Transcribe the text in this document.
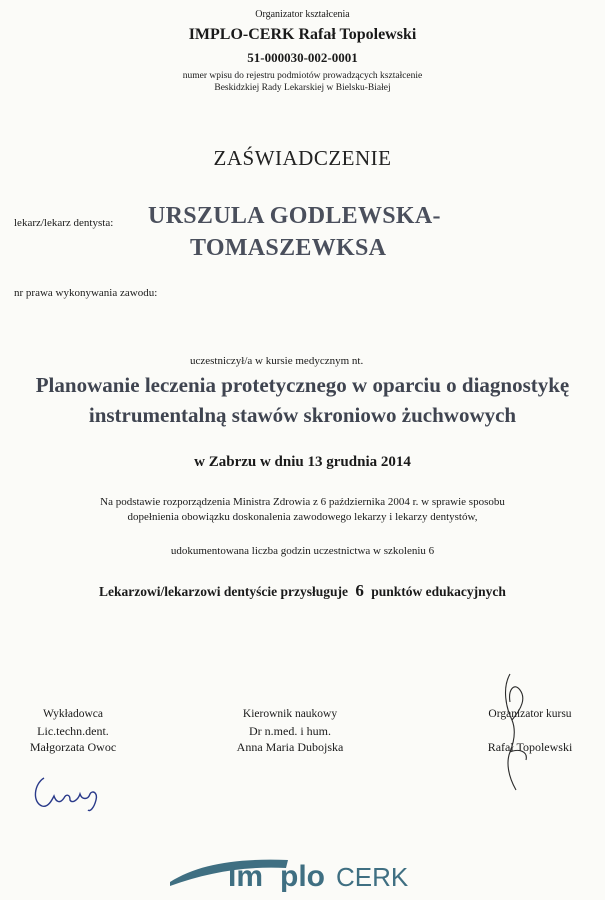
Organizator kształcenia
IMPLO-CERK Rafał Topolewski
51-000030-002-0001
numer wpisu do rejestru podmiotów prowadzących kształcenie
Beskidzkiej Rady Lekarskiej w Bielsku-Białej
ZAŚWIADCZENIE
lekarz/lekarz dentysta: URSZULA GODLEWSKA-
TOMASZEWKSA
nr prawa wykonywania zawodu:
uczestniczył/a w kursie medycznym nt.
Planowanie leczenia protetycznego w oparciu o diagnostykę
instrumentalną stawów skroniowo żuchwowych
w Zabrzu w dniu 13 grudnia 2014
Na podstawie rozporządzenia Ministra Zdrowia z 6 października 2004 r. w sprawie sposobu
dopełnienia obowiązku doskonalenia zawodowego lekarzy i lekarzy dentystów,
udokumentowana liczba godzin uczestnictwa w szkoleniu 6
Lekarzowi/lekarzowi dentyście przysługuje 6 punktów edukacyjnych
Wykładowca
Lic.techn.dent.
Małgorzata Owoc
Kierownik naukowy
Dr n.med. i hum.
Anna Maria Dubojska
Organizator kursu
Rafał Topolewski
Im plo CERK
